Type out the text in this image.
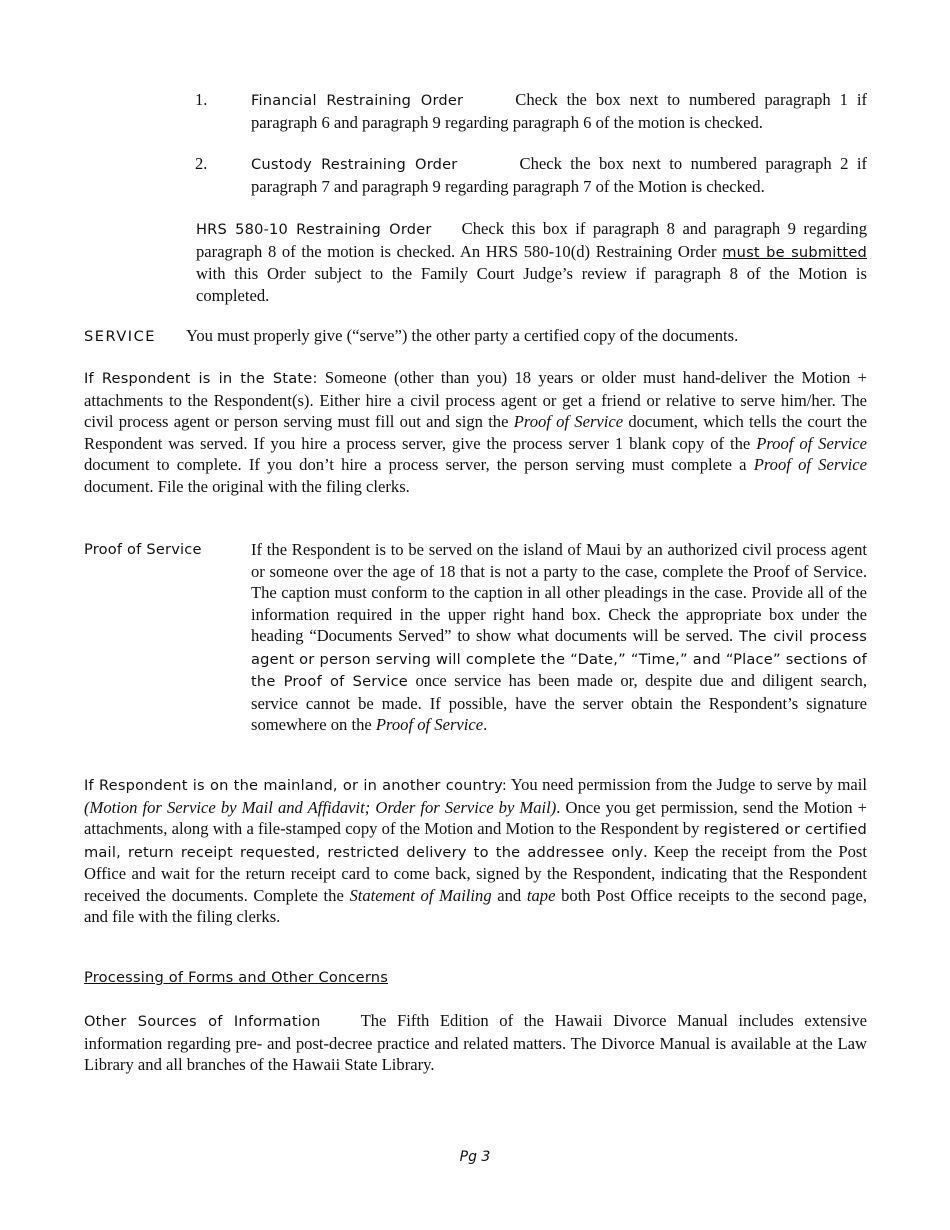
1.	Financial Restraining Order	Check the box next to numbered paragraph 1 if paragraph 6 and paragraph 9 regarding paragraph 6 of the motion is checked.
2.	Custody Restraining Order	Check the box next to numbered paragraph 2 if paragraph 7 and paragraph 9 regarding paragraph 7 of the Motion is checked.
HRS 580-10 Restraining Order Check this box if paragraph 8 and paragraph 9 regarding paragraph 8 of the motion is checked. An HRS 580-10(d) Restraining Order must be submitted with this Order subject to the Family Court Judge’s review if paragraph 8 of the Motion is completed.
SERVICE You must properly give (“serve”) the other party a certified copy of the documents.
If Respondent is in the State: Someone (other than you) 18 years or older must hand-deliver the Motion + attachments to the Respondent(s). Either hire a civil process agent or get a friend or relative to serve him/her. The civil process agent or person serving must fill out and sign the Proof of Service document, which tells the court the Respondent was served. If you hire a process server, give the process server 1 blank copy of the Proof of Service document to complete. If you don’t hire a process server, the person serving must complete a Proof of Service document. File the original with the filing clerks.
Proof of Service	If the Respondent is to be served on the island of Maui by an authorized civil process agent or someone over the age of 18 that is not a party to the case, complete the Proof of Service. The caption must conform to the caption in all other pleadings in the case. Provide all of the information required in the upper right hand box. Check the appropriate box under the heading “Documents Served” to show what documents will be served. The civil process agent or person serving will complete the “Date,” “Time,” and “Place” sections of the Proof of Service once service has been made or, despite due and diligent search, service cannot be made. If possible, have the server obtain the Respondent’s signature somewhere on the Proof of Service.
If Respondent is on the mainland, or in another country: You need permission from the Judge to serve by mail (Motion for Service by Mail and Affidavit; Order for Service by Mail). Once you get permission, send the Motion + attachments, along with a file-stamped copy of the Motion and Motion to the Respondent by registered or certified mail, return receipt requested, restricted delivery to the addressee only. Keep the receipt from the Post Office and wait for the return receipt card to come back, signed by the Respondent, indicating that the Respondent received the documents. Complete the Statement of Mailing and tape both Post Office receipts to the second page, and file with the filing clerks.
Processing of Forms and Other Concerns
Other Sources of Information The Fifth Edition of the Hawaii Divorce Manual includes extensive information regarding pre- and post-decree practice and related matters. The Divorce Manual is available at the Law Library and all branches of the Hawaii State Library.
Pg 3
